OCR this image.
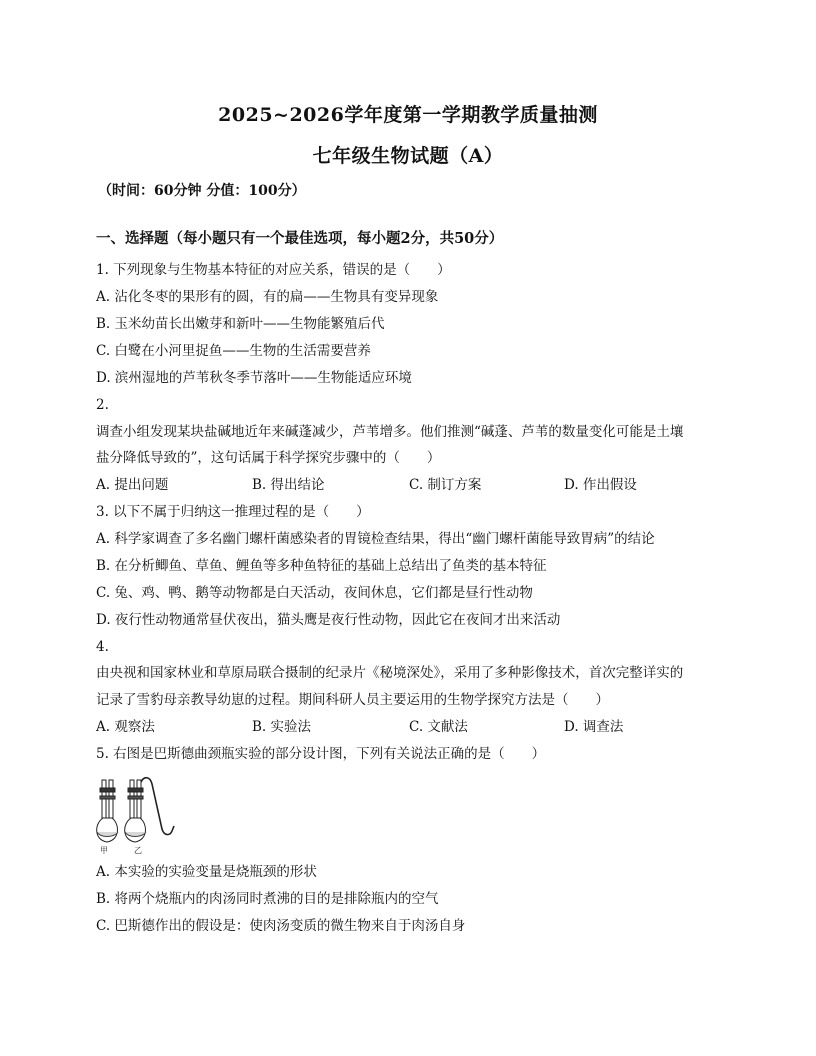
2025~2026学年度第一学期教学质量抽测
七年级生物试题（A）
（时间：60分钟 分值：100分）
一、选择题（每小题只有一个最佳选项，每小题2分，共50分）
1. 下列现象与生物基本特征的对应关系，错误的是（　　）
A. 沾化冬枣的果形有的圆，有的扁——生物具有变异现象
B. 玉米幼苗长出嫩芽和新叶——生物能繁殖后代
C. 白鹭在小河里捉鱼——生物的生活需要营养
D. 滨州湿地的芦苇秋冬季节落叶——生物能适应环境
2.
调查小组发现某块盐碱地近年来碱蓬减少，芦苇增多。他们推测“碱蓬、芦苇的数量变化可能是土壤
盐分降低导致的”，这句话属于科学探究步骤中的（　　）
A. 提出问题	B. 得出结论	C. 制订方案	D. 作出假设
3. 以下不属于归纳这一推理过程的是（　　）
A. 科学家调查了多名幽门螺杆菌感染者的胃镜检查结果，得出“幽门螺杆菌能导致胃病”的结论
B. 在分析鲫鱼、草鱼、鲤鱼等多种鱼特征的基础上总结出了鱼类的基本特征
C. 兔、鸡、鸭、鹅等动物都是白天活动，夜间休息，它们都是昼行性动物
D. 夜行性动物通常昼伏夜出，猫头鹰是夜行性动物，因此它在夜间才出来活动
4.
由央视和国家林业和草原局联合摄制的纪录片《秘境深处》，采用了多种影像技术，首次完整详实的
记录了雪豹母亲教导幼崽的过程。期间科研人员主要运用的生物学探究方法是（　　）
A. 观察法	B. 实验法	C. 文献法	D. 调查法
5. 右图是巴斯德曲颈瓶实验的部分设计图，下列有关说法正确的是（　　）
甲	乙
A. 本实验的实验变量是烧瓶颈的形状
B. 将两个烧瓶内的肉汤同时煮沸的目的是排除瓶内的空气
C. 巴斯德作出的假设是：使肉汤变质的微生物来自于肉汤自身
